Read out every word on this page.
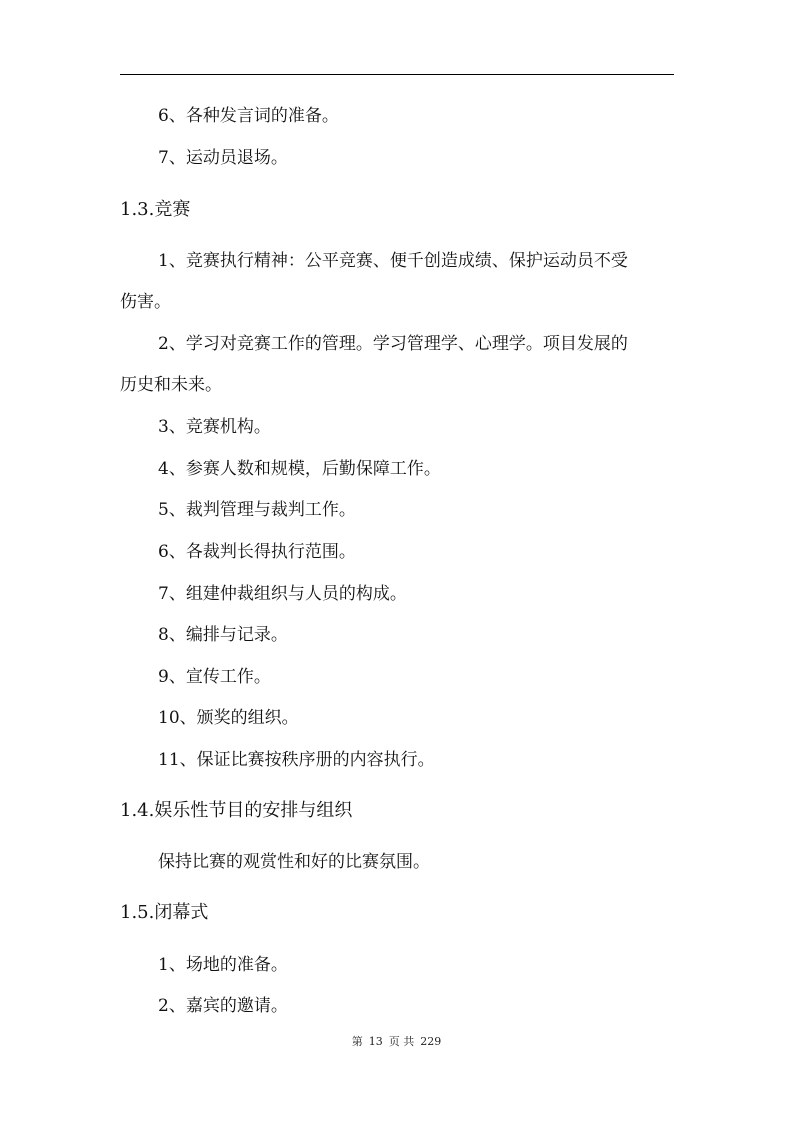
6、各种发言词的准备。
7、运动员退场。
1.3.竞赛
1、竞赛执行精神：公平竞赛、便千创造成绩、保护运动员不受
伤害。
2、学习对竞赛工作的管理。学习管理学、心理学。项目发展的
历史和未来。
3、竞赛机构。
4、参赛人数和规模，后勤保障工作。
5、裁判管理与裁判工作。
6、各裁判长得执行范围。
7、组建仲裁组织与人员的构成。
8、编排与记录。
9、宣传工作。
10、颁奖的组织。
11、保证比赛按秩序册的内容执行。
1.4.娱乐性节目的安排与组织
保持比赛的观赏性和好的比赛氛围。
1.5.闭幕式
1、场地的准备。
2、嘉宾的邀请。
第 13 页 共 229
